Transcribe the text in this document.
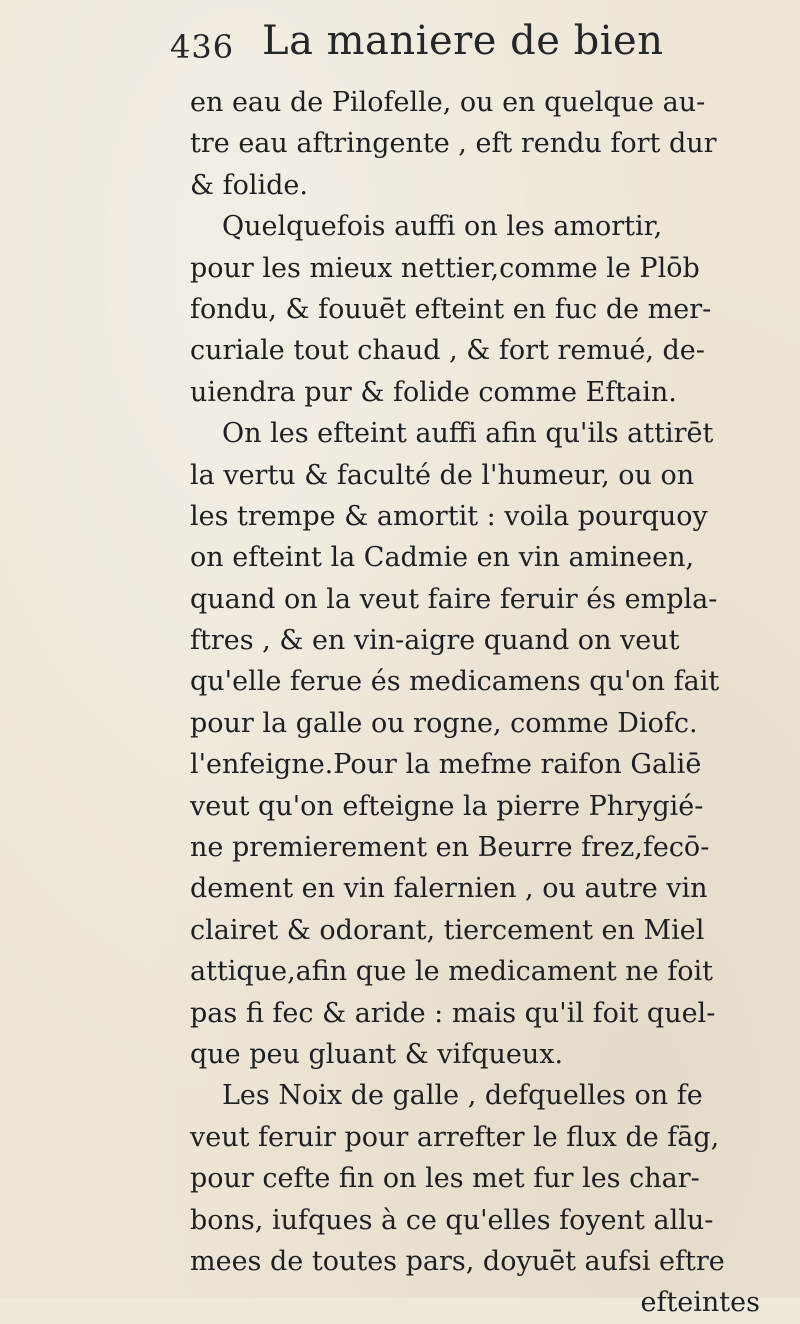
436 La maniere de bien
en eau de Pilofelle, ou en quelque au-
tre eau aftringente , eft rendu fort dur
& folide.
Quelquefois auffi on les amortir,
pour les mieux nettier,comme le Plōb
fondu, & fouuēt efteint en fuc de mer-
curiale tout chaud , & fort remué, de-
uiendra pur & folide comme Eftain.
On les efteint auffi afin qu'ils attirēt
la vertu & faculté de l'humeur, ou on
les trempe & amortit : voila pourquoy
on efteint la Cadmie en vin amineen,
quand on la veut faire feruir és empla-
ftres , & en vin-aigre quand on veut
qu'elle ferue és medicamens qu'on fait
pour la galle ou rogne, comme Diofc.
l'enfeigne.Pour la mefme raifon Galiē
veut qu'on efteigne la pierre Phrygié-
ne premierement en Beurre frez,fecō-
dement en vin falernien , ou autre vin
clairet & odorant, tiercement en Miel
attique,afin que le medicament ne foit
pas fi fec & aride : mais qu'il foit quel-
que peu gluant & vifqueux.
Les Noix de galle , defquelles on fe
veut feruir pour arrefter le flux de fāg,
pour cefte fin on les met fur les char-
bons, iufques à ce qu'elles foyent allu-
mees de toutes pars, doyuēt aufsi eftre
efteintes
